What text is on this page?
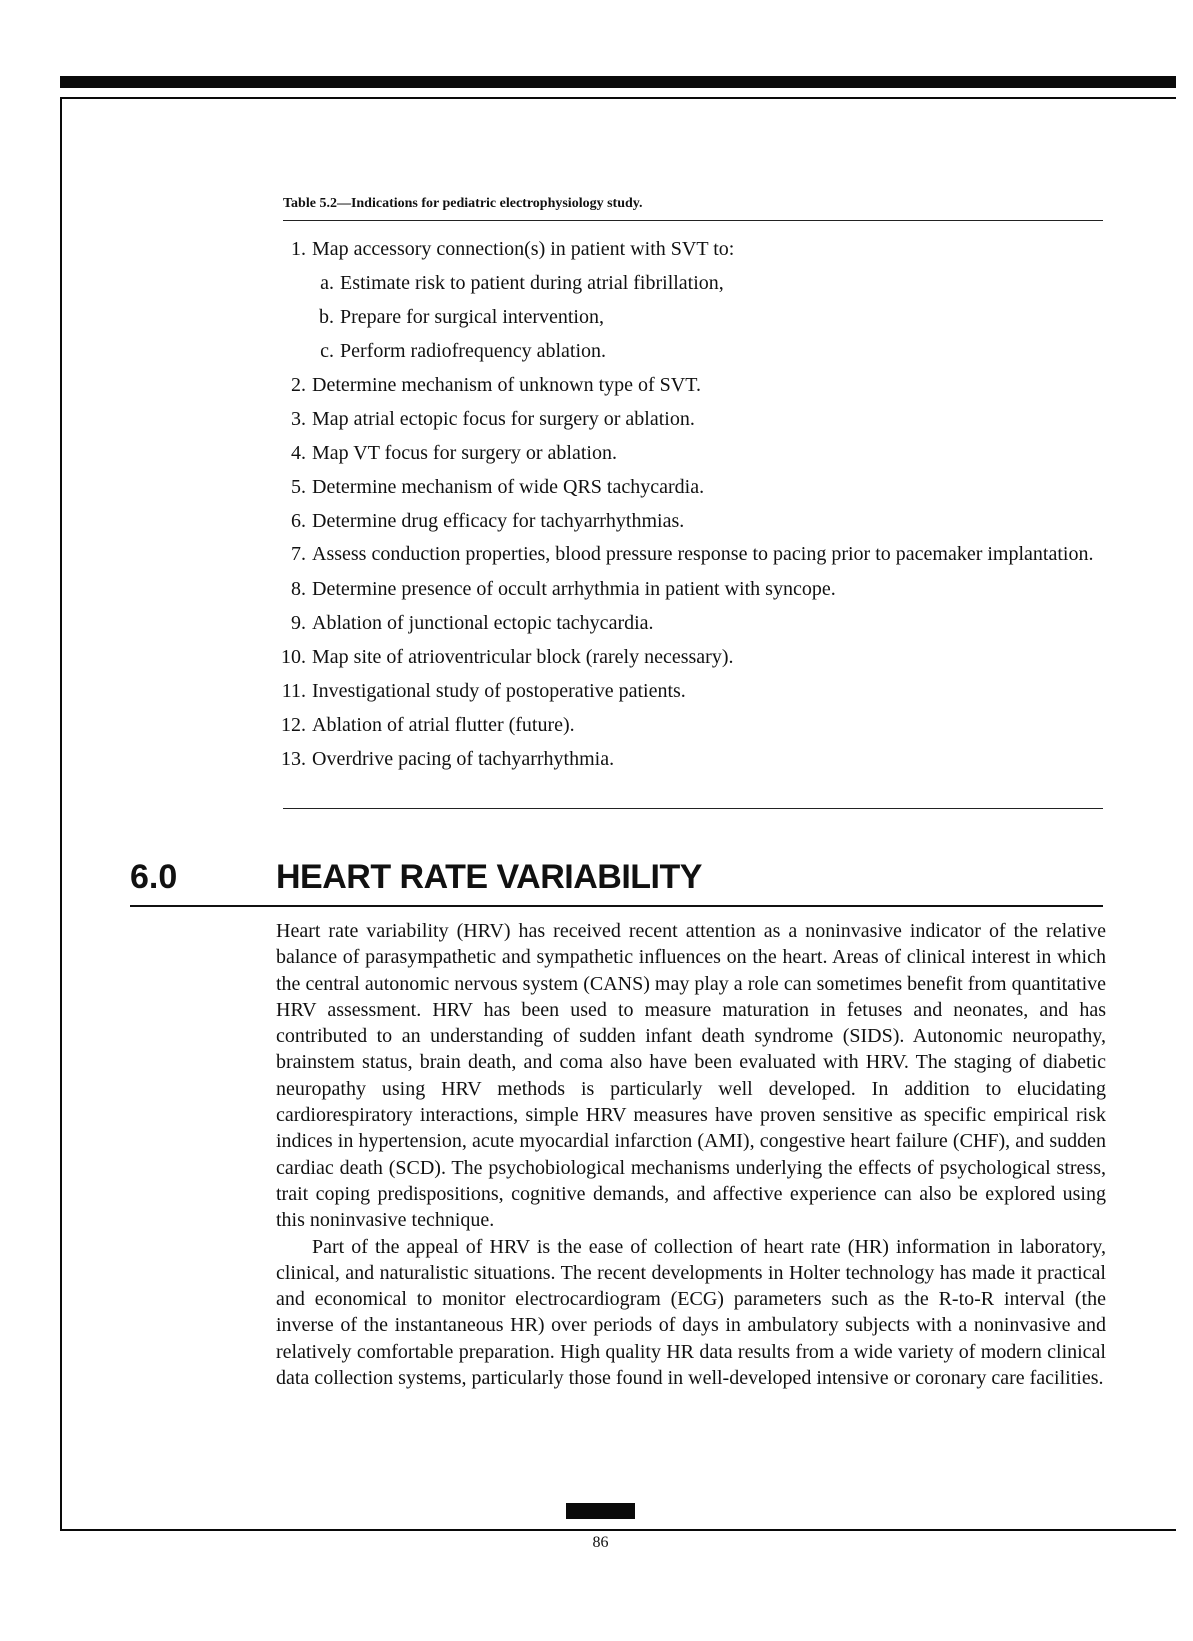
Table 5.2—Indications for pediatric electrophysiology study.
1. Map accessory connection(s) in patient with SVT to:
a. Estimate risk to patient during atrial fibrillation,
b. Prepare for surgical intervention,
c. Perform radiofrequency ablation.
2. Determine mechanism of unknown type of SVT.
3. Map atrial ectopic focus for surgery or ablation.
4. Map VT focus for surgery or ablation.
5. Determine mechanism of wide QRS tachycardia.
6. Determine drug efficacy for tachyarrhythmias.
7. Assess conduction properties, blood pressure response to pacing prior to pacemaker implantation.
8. Determine presence of occult arrhythmia in patient with syncope.
9. Ablation of junctional ectopic tachycardia.
10. Map site of atrioventricular block (rarely necessary).
11. Investigational study of postoperative patients.
12. Ablation of atrial flutter (future).
13. Overdrive pacing of tachyarrhythmia.
6.0	HEART RATE VARIABILITY

Heart rate variability (HRV) has received recent attention as a noninvasive indicator of the relative balance of parasympathetic and sympathetic influences on the heart. Areas of clinical interest in which the central autonomic nervous system (CANS) may play a role can sometimes benefit from quantitative HRV assessment. HRV has been used to measure maturation in fetuses and neonates, and has contributed to an understanding of sudden infant death syndrome (SIDS). Autonomic neuropathy, brainstem status, brain death, and coma also have been evaluated with HRV. The staging of diabetic neuropathy using HRV methods is particularly well developed. In addition to elucidating cardiorespiratory interactions, simple HRV measures have proven sensitive as specific empirical risk indices in hypertension, acute myocardial infarction (AMI), congestive heart failure (CHF), and sudden cardiac death (SCD). The psychobiological mechanisms underlying the effects of psychological stress, trait coping predispositions, cognitive demands, and affective experience can also be explored using this noninvasive technique.

Part of the appeal of HRV is the ease of collection of heart rate (HR) information in laboratory, clinical, and naturalistic situations. The recent developments in Holter technology has made it practical and economical to monitor electrocardiogram (ECG) parameters such as the R-to-R interval (the inverse of the instantaneous HR) over periods of days in ambulatory subjects with a noninvasive and relatively comfortable preparation. High quality HR data results from a wide variety of modern clinical data collection systems, particularly those found in well-developed intensive or coronary care facilities.

86
